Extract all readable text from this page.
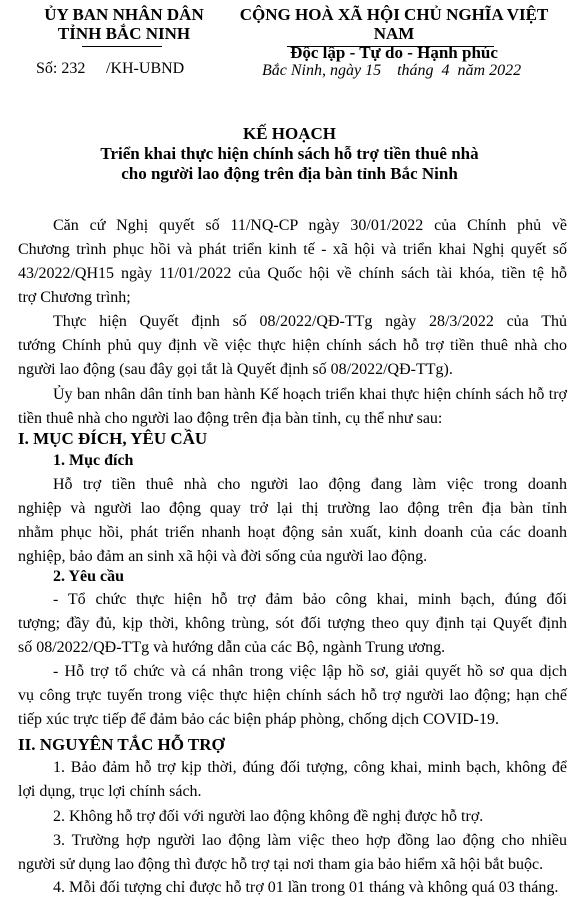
ỦY BAN NHÂN DÂN
TỈNH BẮC NINH
CỘNG HOÀ XÃ HỘI CHỦ NGHĨA VIỆT NAM
Độc lập - Tự do - Hạnh phúc
Số: 232 /KH-UBND	Bắc Ninh, ngày 15    tháng  4  năm 2022
KẾ HOẠCH
Triển khai thực hiện chính sách hỗ trợ tiền thuê nhà
cho người lao động trên địa bàn tỉnh Bắc Ninh
Căn cứ Nghị quyết số 11/NQ-CP ngày 30/01/2022 của Chính phủ về
Chương trình phục hồi và phát triển kinh tế - xã hội và triển khai Nghị quyết số
43/2022/QH15 ngày 11/01/2022 của Quốc hội về chính sách tài khóa, tiền tệ hỗ
trợ Chương trình;
Thực hiện Quyết định số 08/2022/QĐ-TTg ngày 28/3/2022 của Thủ
tướng Chính phủ quy định về việc thực hiện chính sách hỗ trợ tiền thuê nhà cho
người lao động (sau đây gọi tắt là Quyết định số 08/2022/QĐ-TTg).
Ủy ban nhân dân tỉnh ban hành Kế hoạch triển khai thực hiện chính sách hỗ trợ
tiền thuê nhà cho người lao động trên địa bàn tỉnh, cụ thể như sau:
I. MỤC ĐÍCH, YÊU CẦU
1. Mục đích
Hỗ trợ tiền thuê nhà cho người lao động đang làm việc trong doanh
nghiệp và người lao động quay trở lại thị trường lao động trên địa bàn tỉnh
nhằm phục hồi, phát triển nhanh hoạt động sản xuất, kinh doanh của các doanh
nghiệp, bảo đảm an sinh xã hội và đời sống của người lao động.
2. Yêu cầu
- Tổ chức thực hiện hỗ trợ đảm bảo công khai, minh bạch, đúng đối
tượng; đầy đủ, kịp thời, không trùng, sót đối tượng theo quy định tại Quyết định
số 08/2022/QĐ-TTg và hướng dẫn của các Bộ, ngành Trung ương.
- Hỗ trợ tổ chức và cá nhân trong việc lập hồ sơ, giải quyết hồ sơ qua dịch
vụ công trực tuyến trong việc thực hiện chính sách hỗ trợ người lao động; hạn chế
tiếp xúc trực tiếp để đảm bảo các biện pháp phòng, chống dịch COVID-19.
II. NGUYÊN TẮC HỖ TRỢ
1. Bảo đảm hỗ trợ kịp thời, đúng đối tượng, công khai, minh bạch, không để
lợi dụng, trục lợi chính sách.
2. Không hỗ trợ đối với người lao động không đề nghị được hỗ trợ.
3. Trường hợp người lao động làm việc theo hợp đồng lao động cho nhiều
người sử dụng lao động thì được hỗ trợ tại nơi tham gia bảo hiểm xã hội bắt buộc.
4. Mỗi đối tượng chỉ được hỗ trợ 01 lần trong 01 tháng và không quá 03 tháng.
